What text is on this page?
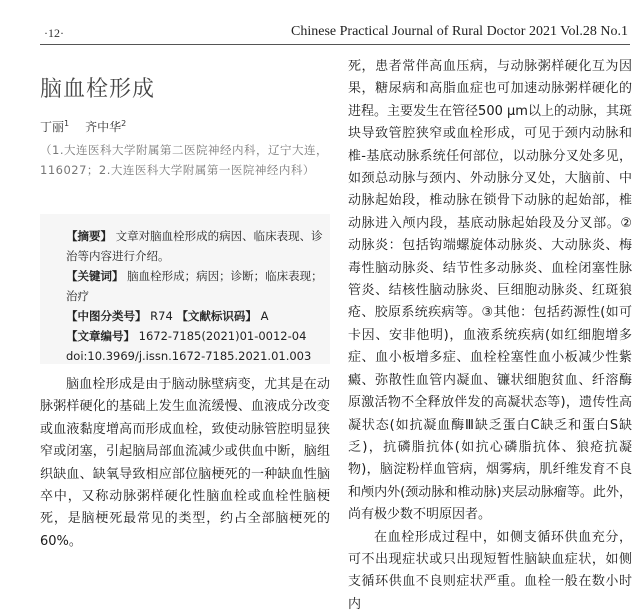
·12·	Chinese Practical Journal of Rural Doctor 2021 Vol.28 No.1
脑血栓形成
丁丽$^1$ 齐中华$^2$
（1.大连医科大学附属第二医院神经内科，辽宁大连，116027；2.大连医科大学附属第一医院神经内科）
【摘要】 文章对脑血栓形成的病因、临床表现、诊治等内容进行介绍。
【关键词】 脑血栓形成；病因；诊断；临床表现；治疗
【中图分类号】 R74 【文献标识码】 A
【文章编号】 1672-7185(2021)01-0012-04
doi:10.3969/j.issn.1672-7185.2021.01.003

脑血栓形成是由于脑动脉壁病变，尤其是在动脉粥样硬化的基础上发生血流缓慢、血液成分改变或血液黏度增高而形成血栓，致使动脉管腔明显狭窄或闭塞，引起脑局部血流减少或供血中断，脑组织缺血、缺氧导致相应部位脑梗死的一种缺血性脑卒中，又称动脉粥样硬化性脑血栓或血栓性脑梗死，是脑梗死最常见的类型，约占全部脑梗死的60%。

死，患者常伴高血压病，与动脉粥样硬化互为因果，糖尿病和高脂血症也可加速动脉粥样硬化的进程。主要发生在管径500 μm以上的动脉，其斑块导致管腔狭窄或血栓形成，可见于颈内动脉和椎-基底动脉系统任何部位，以动脉分叉处多见，如颈总动脉与颈内、外动脉分叉处，大脑前、中动脉起始段，椎动脉在锁骨下动脉的起始部，椎动脉进入颅内段，基底动脉起始段及分叉部。②动脉炎：包括钩端螺旋体动脉炎、大动脉炎、梅毒性脑动脉炎、结节性多动脉炎、血栓闭塞性脉管炎、结核性脑动脉炎、巨细胞动脉炎、红斑狼疮、胶原系统疾病等。③其他：包括药源性(如可卡因、安非他明)，血液系统疾病(如红细胞增多症、血小板增多症、血栓栓塞性血小板减少性紫癜、弥散性血管内凝血、镰状细胞贫血、纤溶酶原激活物不全释放伴发的高凝状态等)，遗传性高凝状态(如抗凝血酶Ⅲ缺乏蛋白C缺乏和蛋白S缺乏)，抗磷脂抗体(如抗心磷脂抗体、狼疮抗凝物)，脑淀粉样血管病，烟雾病，肌纤维发育不良和颅内外(颈动脉和椎动脉)夹层动脉瘤等。此外，尚有极少数不明原因者。

在血栓形成过程中，如侧支循环供血充分，可不出现症状或只出现短暂性脑缺血症状，如侧支循环供血不良则症状严重。血栓一般在数小时内
